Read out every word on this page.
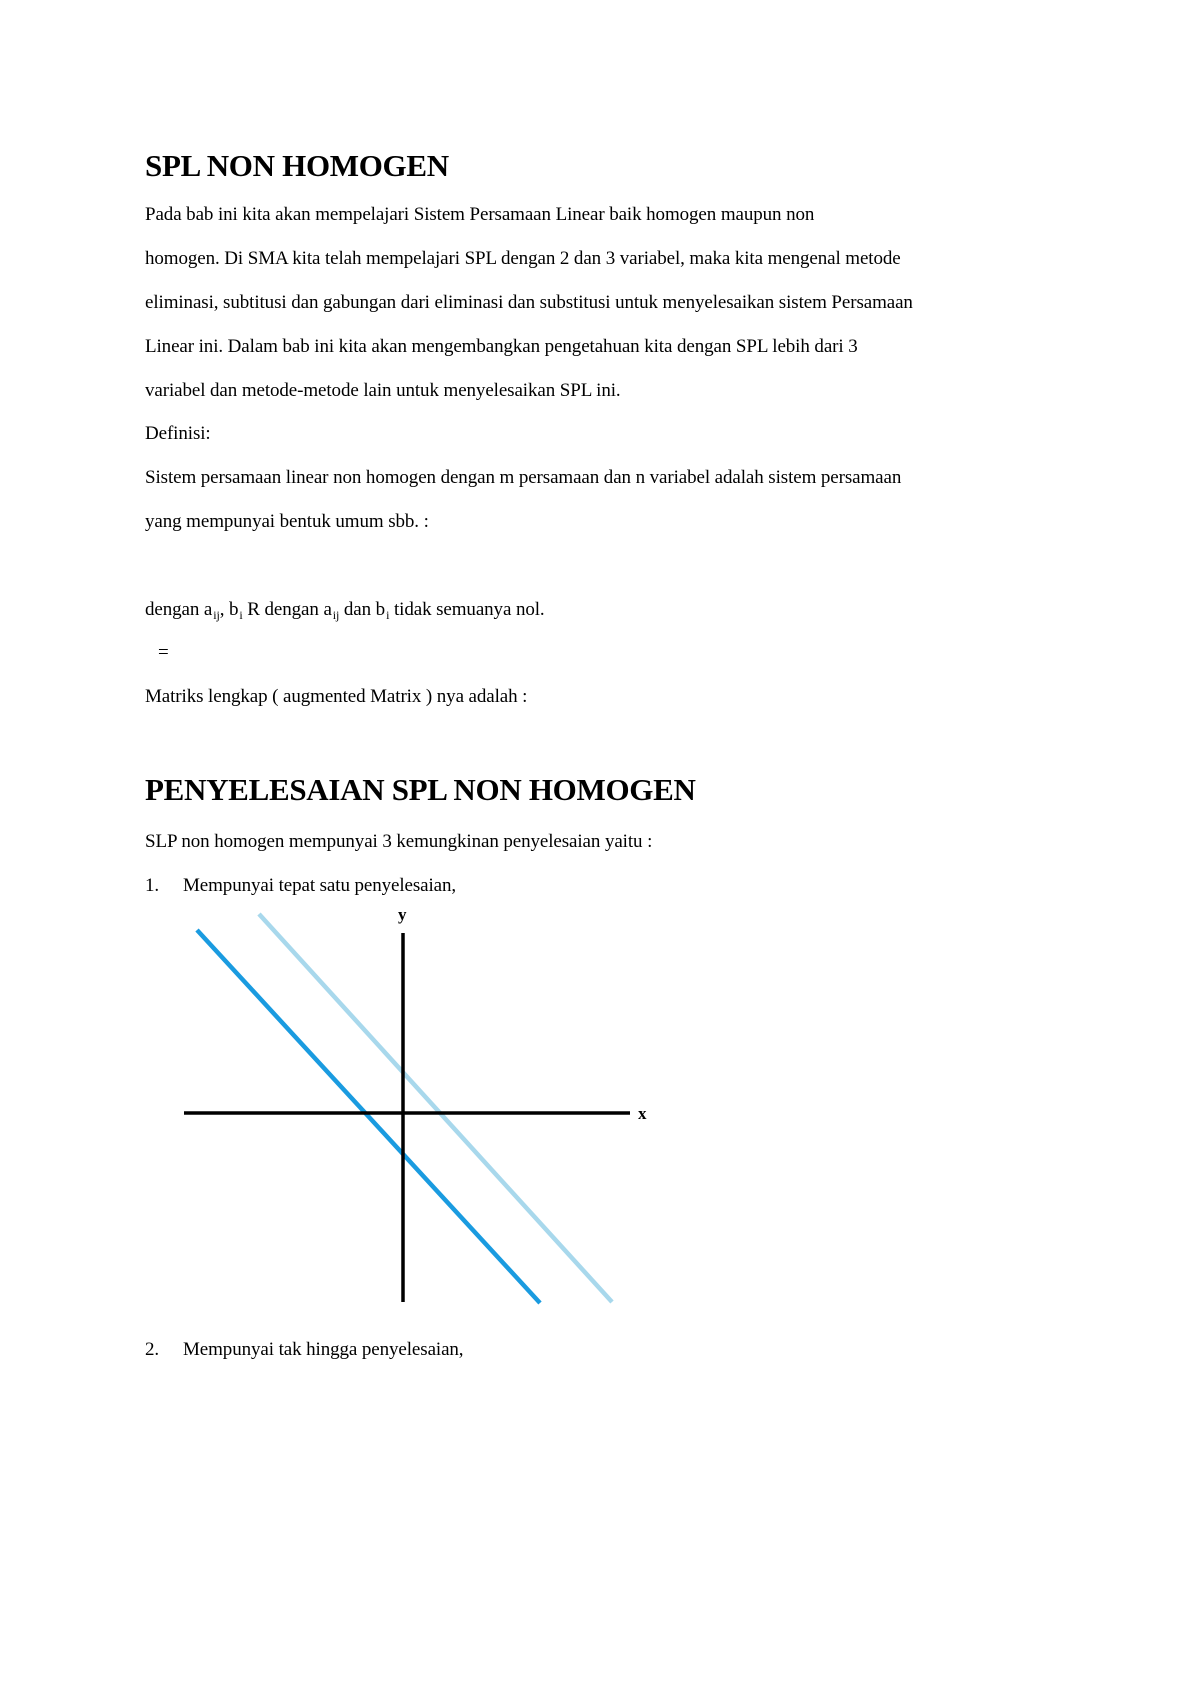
SPL NON HOMOGEN
Pada bab ini kita akan mempelajari Sistem Persamaan Linear baik homogen maupun non
homogen. Di SMA kita telah mempelajari SPL dengan 2 dan 3 variabel, maka kita mengenal metode
eliminasi, subtitusi dan gabungan dari eliminasi dan substitusi untuk menyelesaikan sistem Persamaan
Linear ini. Dalam bab ini kita akan mengembangkan pengetahuan kita dengan SPL lebih dari 3
variabel dan metode-metode lain untuk menyelesaikan SPL ini.
Definisi:
Sistem persamaan linear non homogen dengan m persamaan dan n variabel adalah sistem persamaan
yang mempunyai bentuk umum sbb. :
dengan $a_{ij}$, $b_i$ R dengan $a_{ij}$ dan $b_i$ tidak semuanya nol.
=
Matriks lengkap ( augmented Matrix ) nya adalah :
PENYELESAIAN SPL NON HOMOGEN
SLP non homogen mempunyai 3 kemungkinan penyelesaian yaitu :
1. Mempunyai tepat satu penyelesaian,
y
x
2. Mempunyai tak hingga penyelesaian,
